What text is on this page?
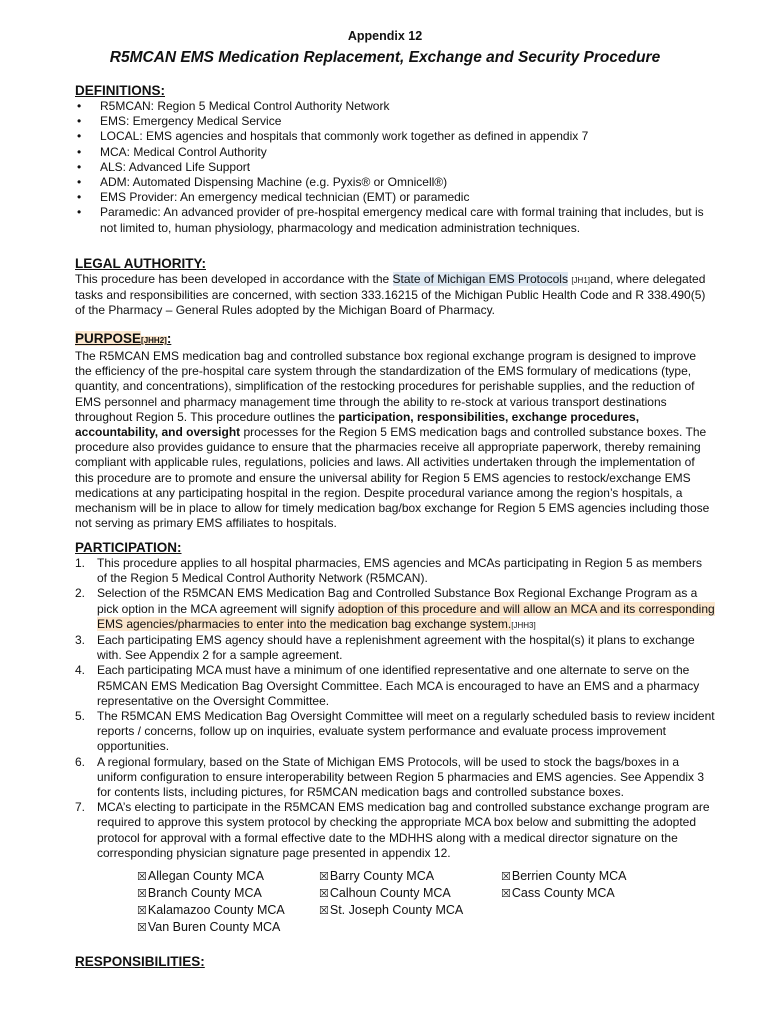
Appendix 12
R5MCAN EMS Medication Replacement, Exchange and Security Procedure
DEFINITIONS:
• R5MCAN: Region 5 Medical Control Authority Network
• EMS: Emergency Medical Service
• LOCAL: EMS agencies and hospitals that commonly work together as defined in appendix 7
• MCA: Medical Control Authority
• ALS: Advanced Life Support
• ADM: Automated Dispensing Machine (e.g. Pyxis® or Omnicell®)
• EMS Provider: An emergency medical technician (EMT) or paramedic
• Paramedic: An advanced provider of pre-hospital emergency medical care with formal training that includes, but is not limited to, human physiology, pharmacology and medication administration techniques.
LEGAL AUTHORITY:

This procedure has been developed in accordance with the State of Michigan EMS Protocols [JH1]and, where delegated tasks and responsibilities are concerned, with section 333.16215 of the Michigan Public Health Code and R 338.490(5) of the Pharmacy – General Rules adopted by the Michigan Board of Pharmacy.

PURPOSE[JHH2]:

The R5MCAN EMS medication bag and controlled substance box regional exchange program is designed to improve the efficiency of the pre-hospital care system through the standardization of the EMS formulary of medications (type, quantity, and concentrations), simplification of the restocking procedures for perishable supplies, and the reduction of EMS personnel and pharmacy management time through the ability to re-stock at various transport destinations throughout Region 5. This procedure outlines the participation, responsibilities, exchange procedures, accountability, and oversight processes for the Region 5 EMS medication bags and controlled substance boxes. The procedure also provides guidance to ensure that the pharmacies receive all appropriate paperwork, thereby remaining compliant with applicable rules, regulations, policies and laws. All activities undertaken through the implementation of this procedure are to promote and ensure the universal ability for Region 5 EMS agencies to restock/exchange EMS medications at any participating hospital in the region. Despite procedural variance among the region’s hospitals, a mechanism will be in place to allow for timely medication bag/box exchange for Region 5 EMS agencies including those not serving as primary EMS affiliates to hospitals.

PARTICIPATION:
1. This procedure applies to all hospital pharmacies, EMS agencies and MCAs participating in Region 5 as members of the Region 5 Medical Control Authority Network (R5MCAN).
2. Selection of the R5MCAN EMS Medication Bag and Controlled Substance Box Regional Exchange Program as a pick option in the MCA agreement will signify adoption of this procedure and will allow an MCA and its corresponding EMS agencies/pharmacies to enter into the medication bag exchange system.[JHH3]
3. Each participating EMS agency should have a replenishment agreement with the hospital(s) it plans to exchange with. See Appendix 2 for a sample agreement.
4. Each participating MCA must have a minimum of one identified representative and one alternate to serve on the R5MCAN EMS Medication Bag Oversight Committee. Each MCA is encouraged to have an EMS and a pharmacy representative on the Oversight Committee.
5. The R5MCAN EMS Medication Bag Oversight Committee will meet on a regularly scheduled basis to review incident reports / concerns, follow up on inquiries, evaluate system performance and evaluate process improvement opportunities.
6. A regional formulary, based on the State of Michigan EMS Protocols, will be used to stock the bags/boxes in a uniform configuration to ensure interoperability between Region 5 pharmacies and EMS agencies. See Appendix 3 for contents lists, including pictures, for R5MCAN medication bags and controlled substance boxes.
7. MCA’s electing to participate in the R5MCAN EMS medication bag and controlled substance exchange program are required to approve this system protocol by checking the appropriate MCA box below and submitting the adopted protocol for approval with a formal effective date to the MDHHS along with a medical director signature on the corresponding physician signature page presented in appendix 12.
☒Allegan County MCA
☒Branch County MCA
☒Kalamazoo County MCA
☒Van Buren County MCA
☒Barry County MCA
☒Calhoun County MCA
☒St. Joseph County MCA
☒Berrien County MCA
☒Cass County MCA
RESPONSIBILITIES:
